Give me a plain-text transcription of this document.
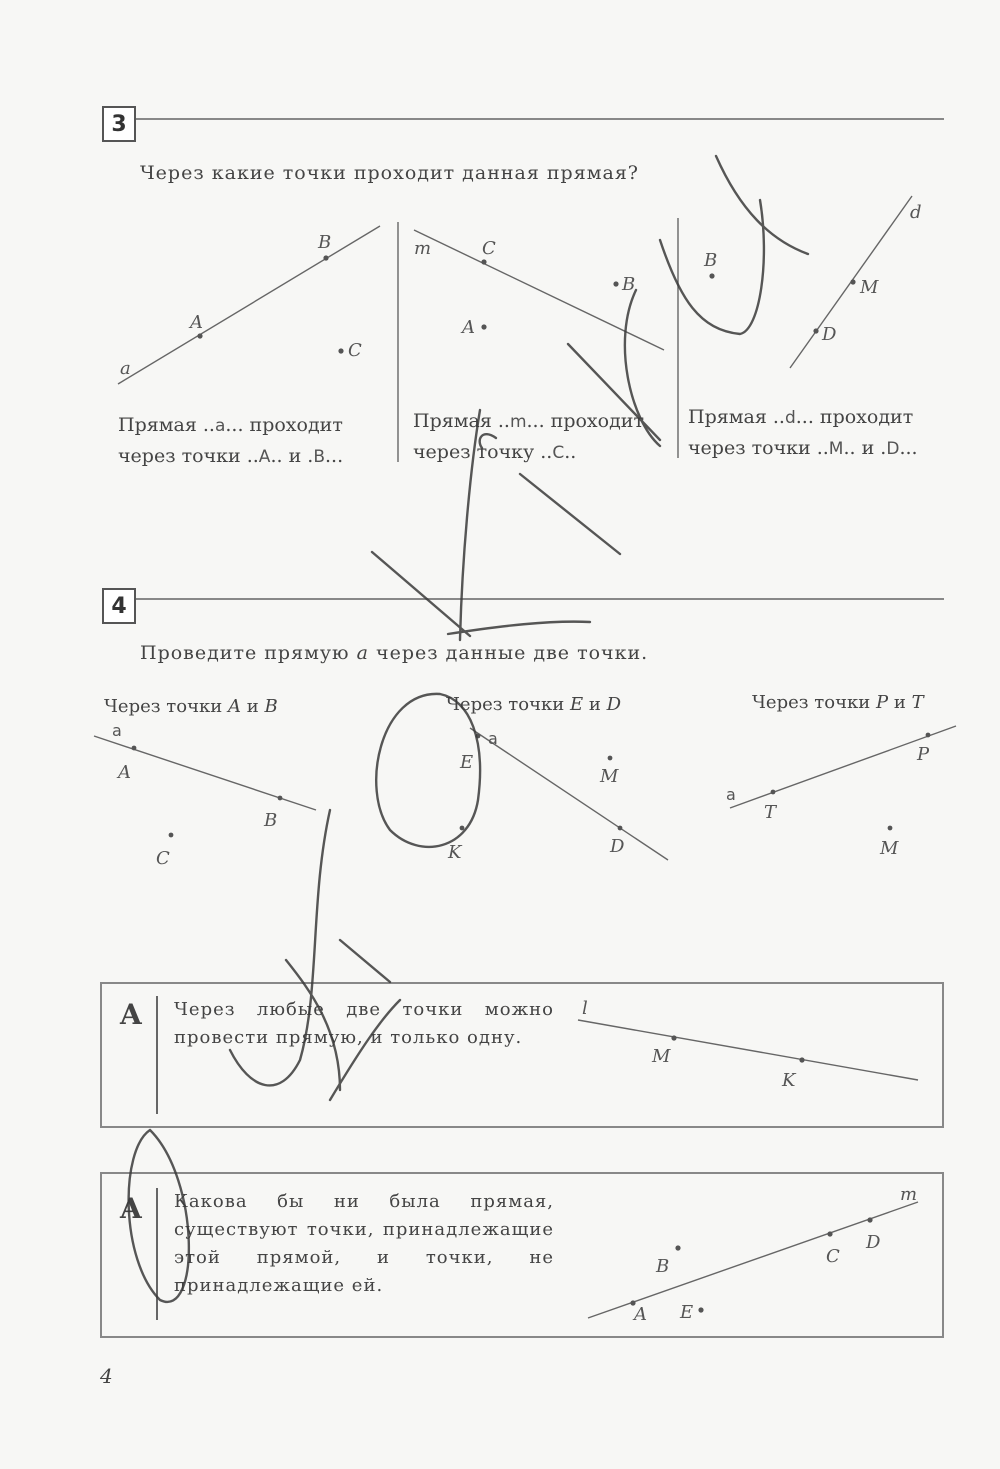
3
Через какие точки проходит данная прямая?
Прямая ..a... проходит
через точки ..A.. и .B...
Прямая ..m... проходит
через точку ..C..
Прямая ..d... проходит
через точки ..M.. и .D...
4
Проведите прямую a через данные две точки.
Через точки A и B	Через точки E и D	Через точки P и T
A Через любые две точки можно провести прямую, и только одну.
A Какова бы ни была прямая, существуют точки, принадлежащие этой прямой, и точки, не принадлежащие ей.
B
A
C
a
m	C
B
A
d
B
M
D
A
B
C
E
M
K	D
P
T
M
l
M
K
m
B	C
D
A E
a	a
a
4
